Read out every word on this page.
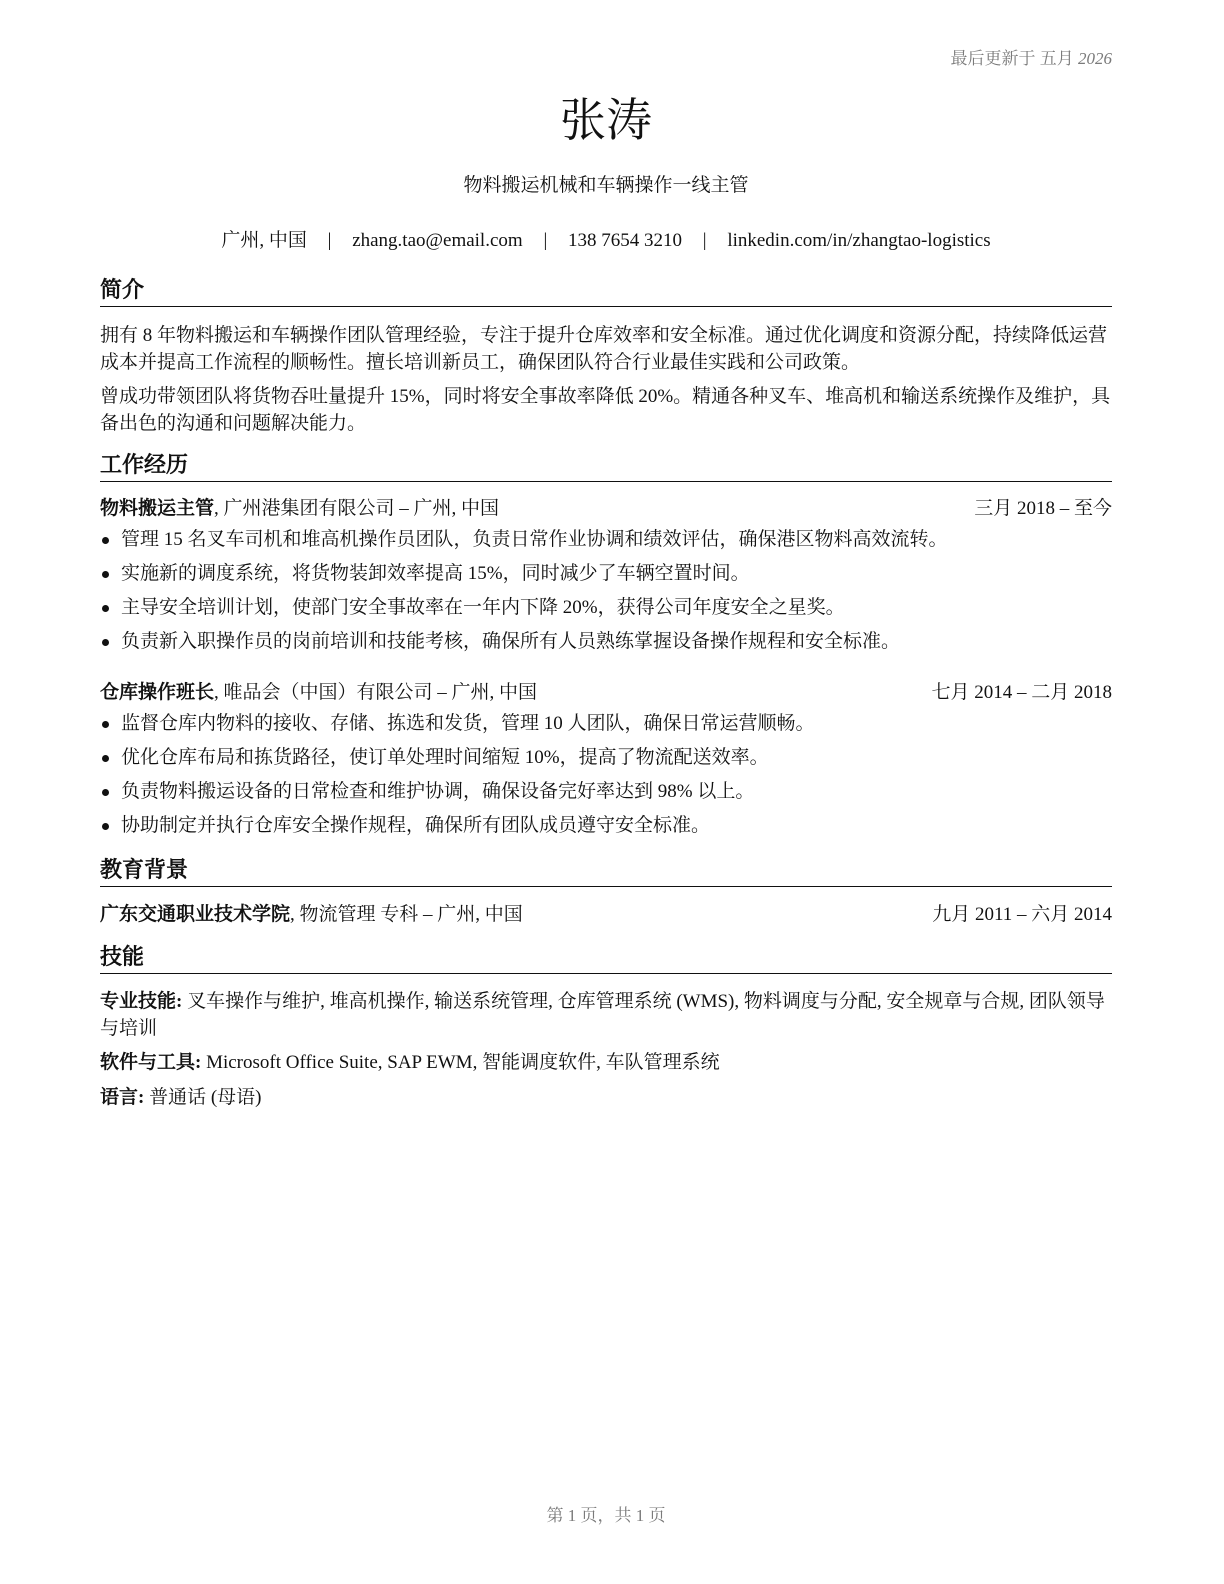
最后更新于 五月 2026
张涛
物料搬运机械和车辆操作一线主管
广州, 中国 | zhang.tao@email.com | 138 7654 3210 | linkedin.com/in/zhangtao-logistics
简介
拥有 8 年物料搬运和车辆操作团队管理经验，专注于提升仓库效率和安全标准。通过优化调度和资源分配，持续降低运营成本并提高工作流程的顺畅性。擅长培训新员工，确保团队符合行业最佳实践和公司政策。
曾成功带领团队将货物吞吐量提升 15%，同时将安全事故率降低 20%。精通各种叉车、堆高机和输送系统操作及维护，具备出色的沟通和问题解决能力。
工作经历
物料搬运主管, 广州港集团有限公司 – 广州, 中国	三月 2018 – 至今
管理 15 名叉车司机和堆高机操作员团队，负责日常作业协调和绩效评估，确保港区物料高效流转。
实施新的调度系统，将货物装卸效率提高 15%，同时减少了车辆空置时间。
主导安全培训计划，使部门安全事故率在一年内下降 20%，获得公司年度安全之星奖。
负责新入职操作员的岗前培训和技能考核，确保所有人员熟练掌握设备操作规程和安全标准。
仓库操作班长, 唯品会（中国）有限公司 – 广州, 中国	七月 2014 – 二月 2018
监督仓库内物料的接收、存储、拣选和发货，管理 10 人团队，确保日常运营顺畅。
优化仓库布局和拣货路径，使订单处理时间缩短 10%，提高了物流配送效率。
负责物料搬运设备的日常检查和维护协调，确保设备完好率达到 98% 以上。
协助制定并执行仓库安全操作规程，确保所有团队成员遵守安全标准。
教育背景
广东交通职业技术学院, 物流管理 专科 – 广州, 中国	九月 2011 – 六月 2014
技能
专业技能: 叉车操作与维护, 堆高机操作, 输送系统管理, 仓库管理系统 (WMS), 物料调度与分配, 安全规章与合规, 团队领导与培训
软件与工具: Microsoft Office Suite, SAP EWM, 智能调度软件, 车队管理系统
语言: 普通话 (母语)
第 1 页，共 1 页
